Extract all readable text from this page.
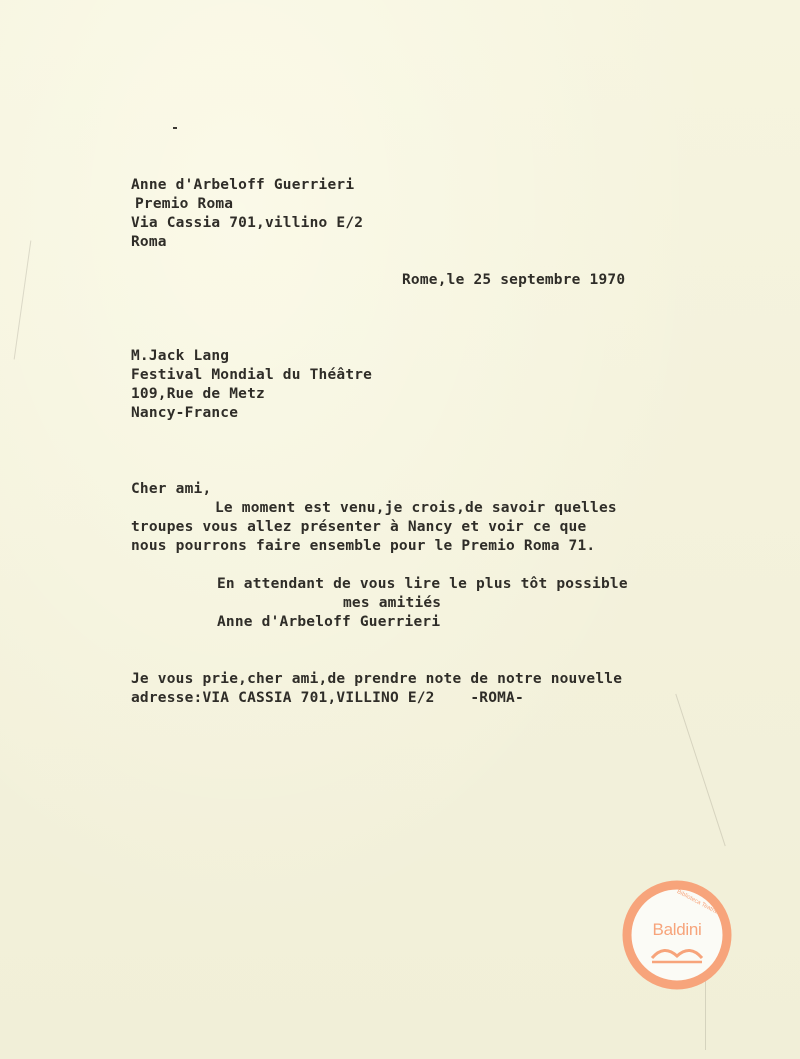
Anne d'Arbeloff Guerrieri
Premio Roma
Via Cassia 701,villino E/2
Roma
Rome,le 25 septembre 1970
M.Jack Lang
Festival Mondial du Théâtre
109,Rue de Metz
Nancy-France
Cher ami,
Le moment est venu,je crois,de savoir quelles
troupes vous allez présenter à Nancy et voir ce que
nous pourrons faire ensemble pour le Premio Roma 71.
En attendant de vous lire le plus tôt possible
mes amitiés
Anne d'Arbeloff Guerrieri
Je vous prie,cher ami,de prendre note de notre nouvelle
adresse:VIA CASSIA 701,VILLINO E/2    -ROMA-
Biblioteca Teatrale
Baldini
